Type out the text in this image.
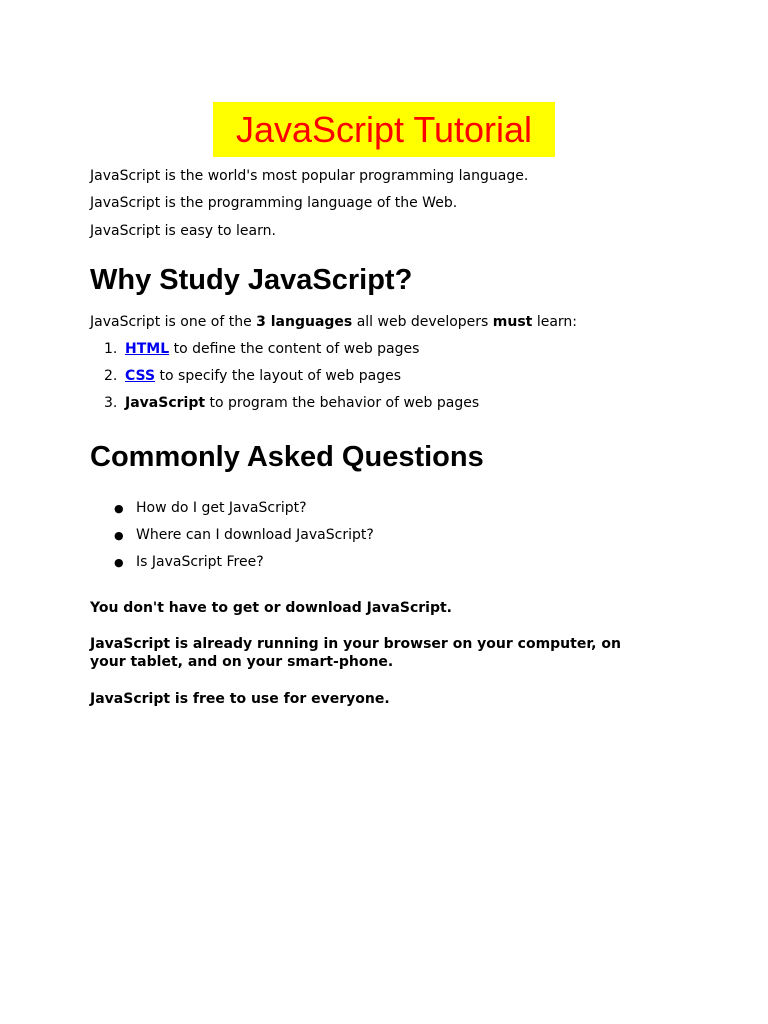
JavaScript Tutorial
JavaScript is the world's most popular programming language.
JavaScript is the programming language of the Web.
JavaScript is easy to learn.
Why Study JavaScript?
JavaScript is one of the 3 languages all web developers must learn:
1. HTML to define the content of web pages
2. CSS to specify the layout of web pages
3. JavaScript to program the behavior of web pages
Commonly Asked Questions
● How do I get JavaScript?
● Where can I download JavaScript?
● Is JavaScript Free?
You don't have to get or download JavaScript.
JavaScript is already running in your browser on your computer, on your tablet, and on your smart-phone.
JavaScript is free to use for everyone.
